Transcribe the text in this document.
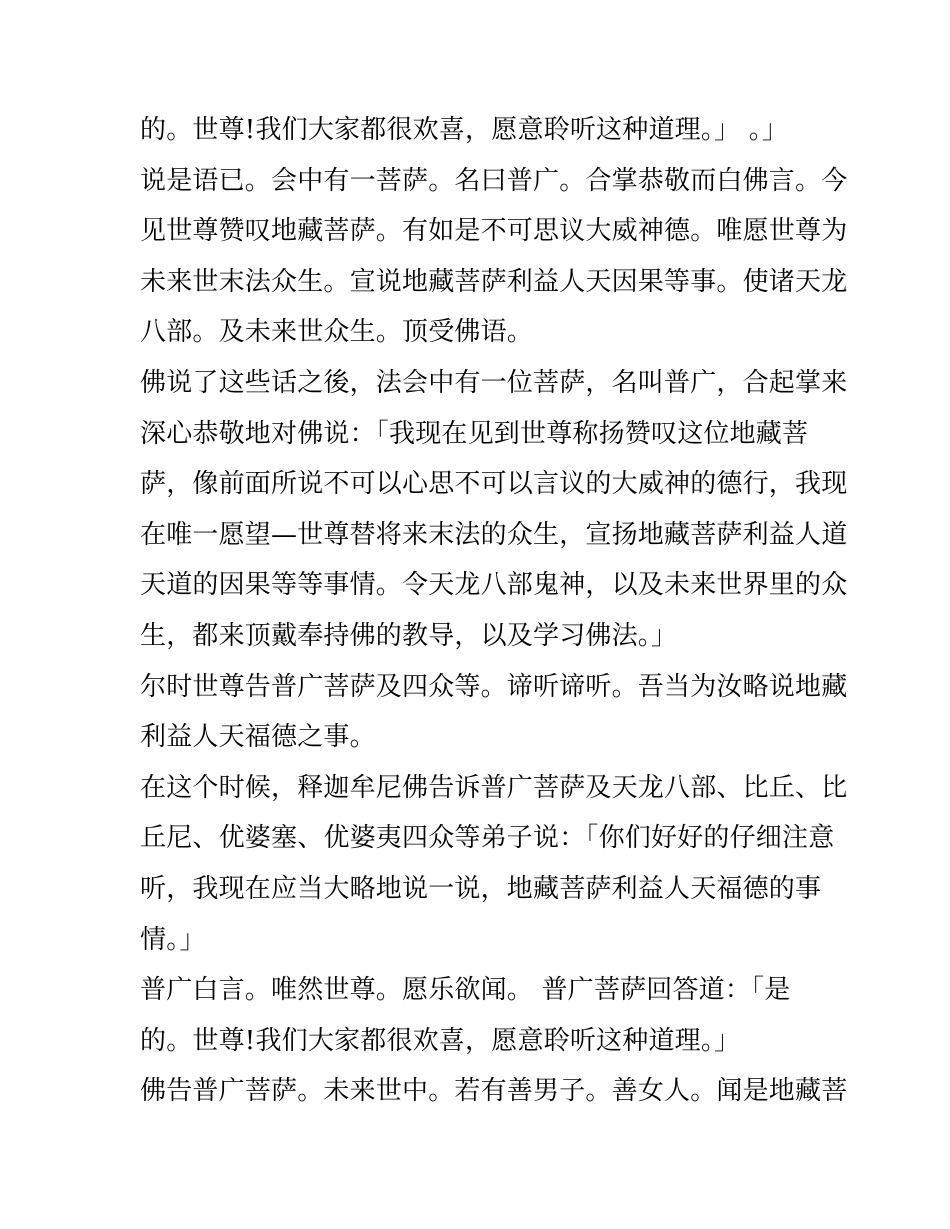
的。世尊!我们大家都很欢喜，愿意聆听这种道理。」 。」
说是语已。会中有一菩萨。名曰普广。合掌恭敬而白佛言。今
见世尊赞叹地藏菩萨。有如是不可思议大威神德。唯愿世尊为
未来世末法众生。宣说地藏菩萨利益人天因果等事。使诸天龙
八部。及未来世众生。顶受佛语。
佛说了这些话之後，法会中有一位菩萨，名叫普广，合起掌来
深心恭敬地对佛说：「我现在见到世尊称扬赞叹这位地藏菩
萨，像前面所说不可以心思不可以言议的大威神的德行，我现
在唯一愿望—世尊替将来末法的众生，宣扬地藏菩萨利益人道
天道的因果等等事情。令天龙八部鬼神，以及未来世界里的众
生，都来顶戴奉持佛的教导，以及学习佛法。」
尔时世尊告普广菩萨及四众等。谛听谛听。吾当为汝略说地藏
利益人天福德之事。
在这个时候，释迦牟尼佛告诉普广菩萨及天龙八部、比丘、比
丘尼、优婆塞、优婆夷四众等弟子说：「你们好好的仔细注意
听，我现在应当大略地说一说，地藏菩萨利益人天福德的事
情。」
普广白言。唯然世尊。愿乐欲闻。 普广菩萨回答道：「是
的。世尊!我们大家都很欢喜，愿意聆听这种道理。」
佛告普广菩萨。未来世中。若有善男子。善女人。闻是地藏菩
